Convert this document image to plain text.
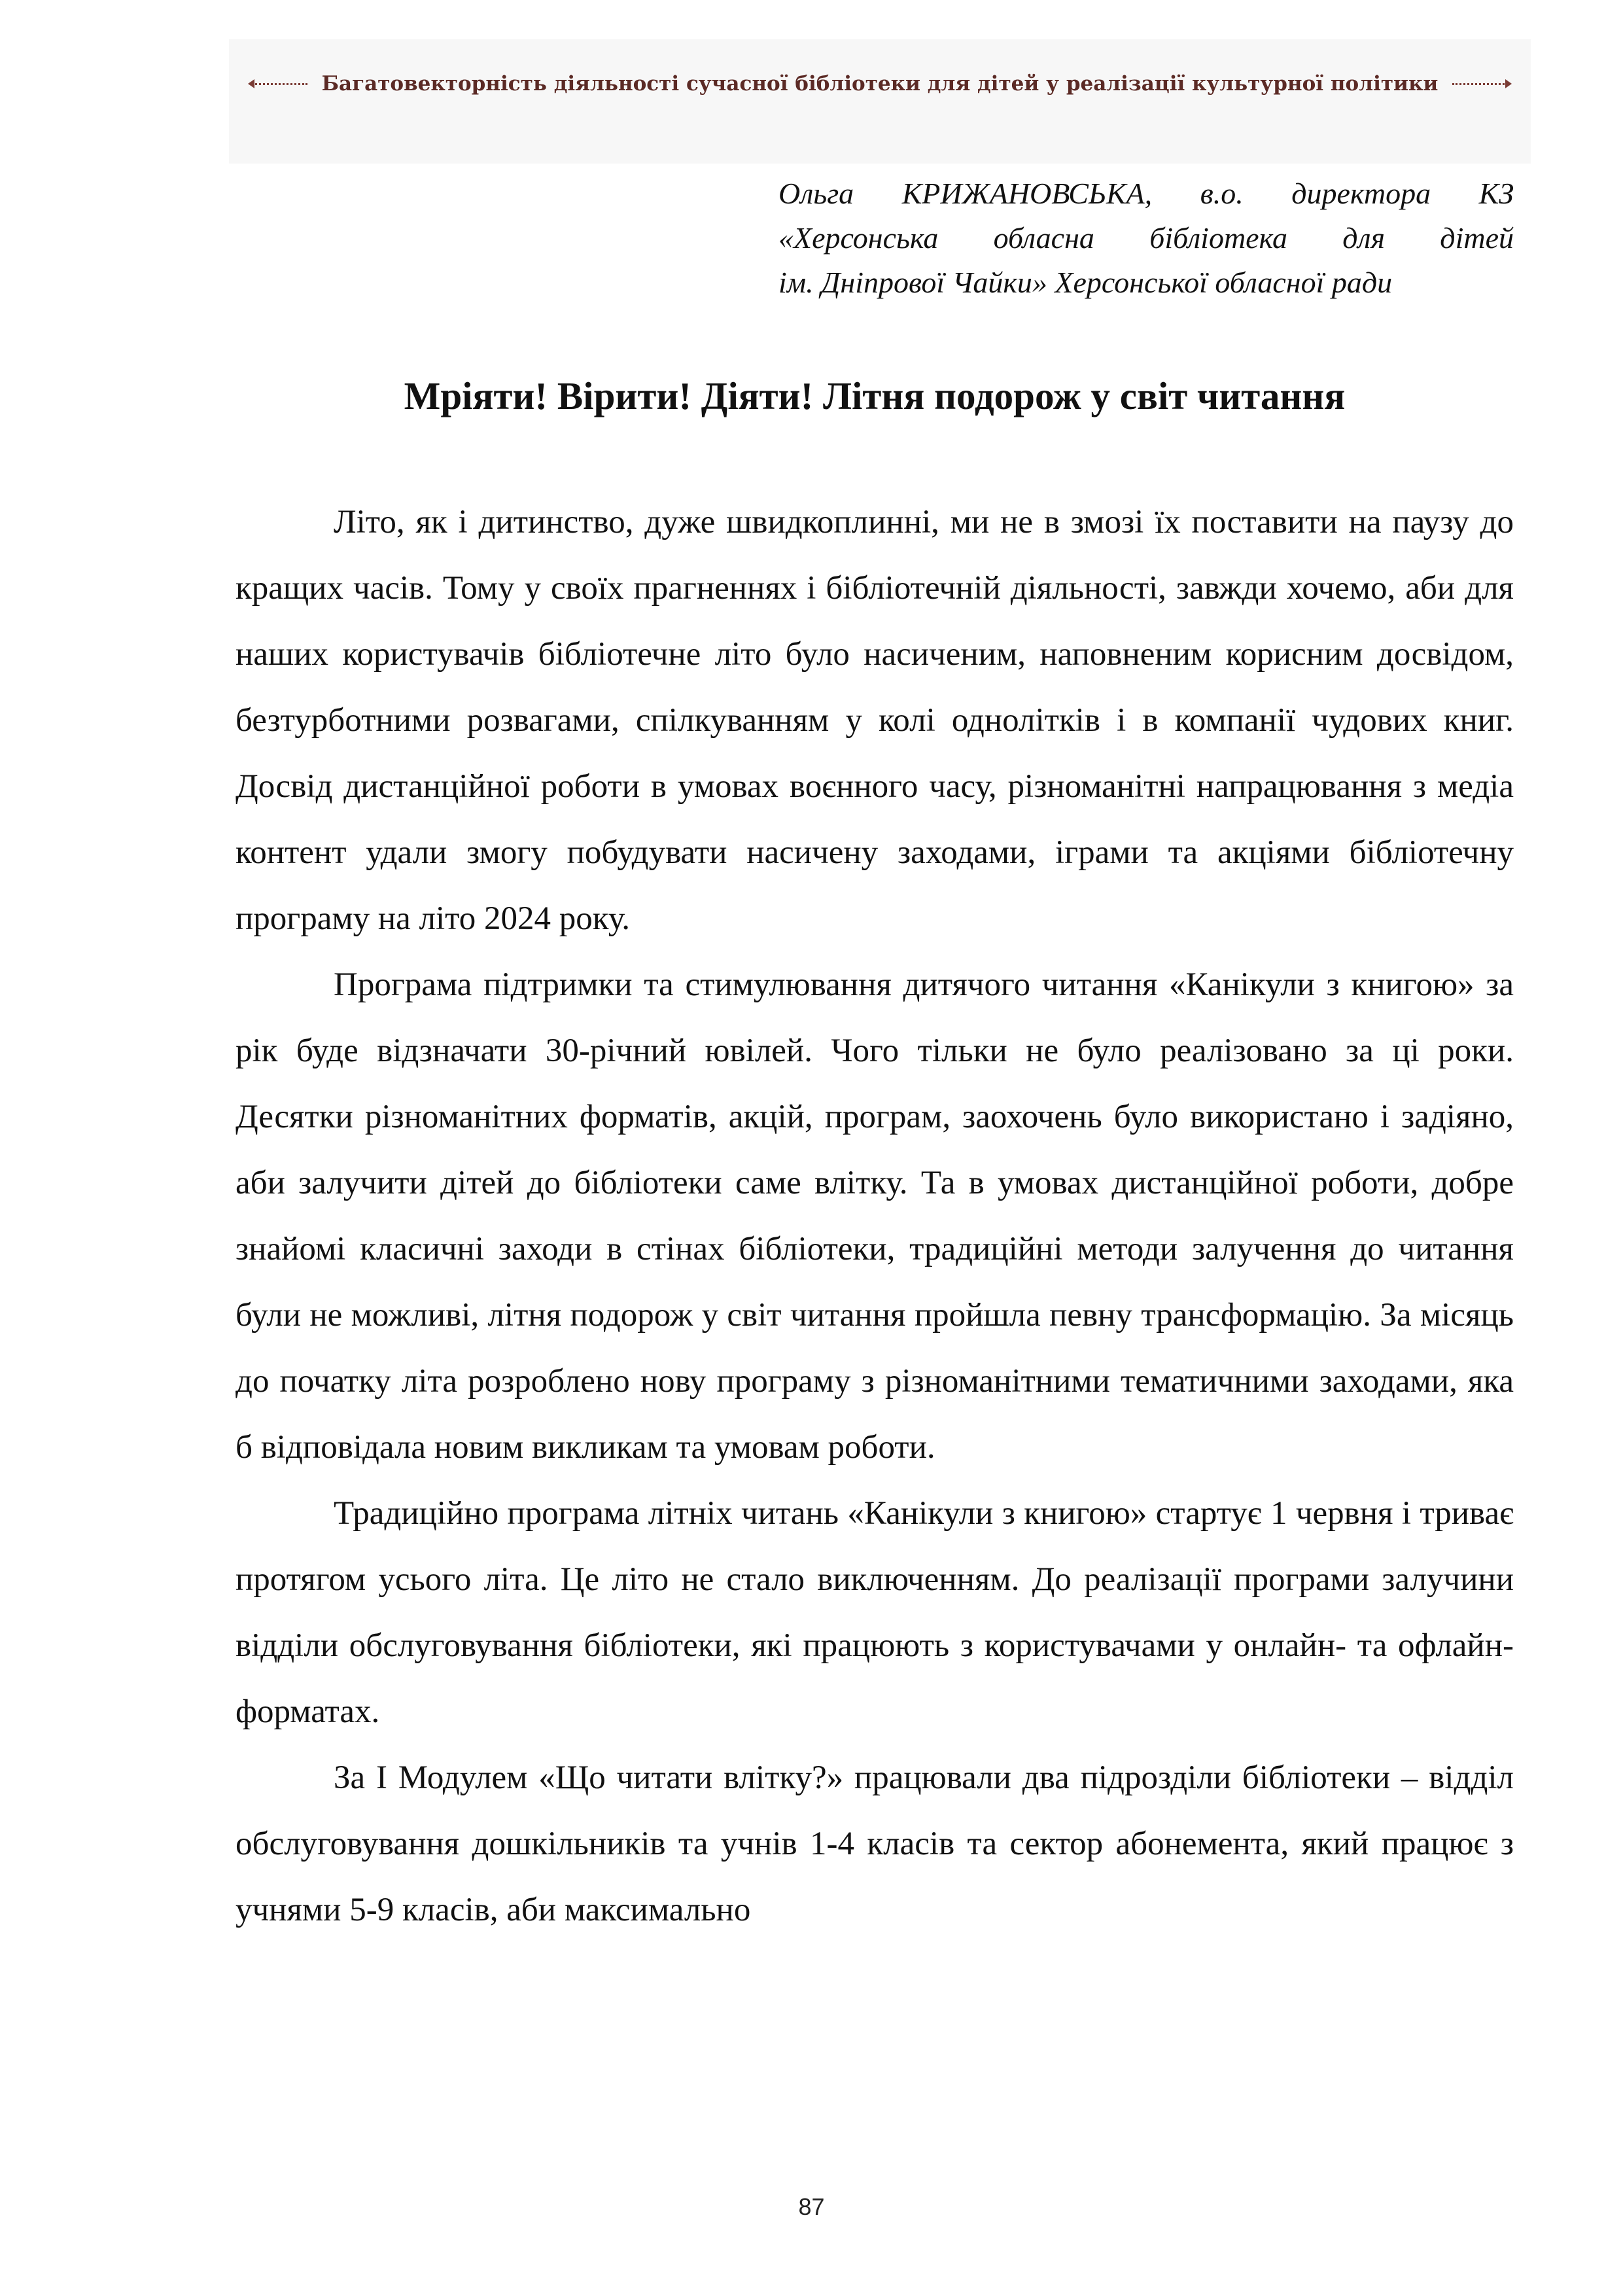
Багатовекторність діяльності сучасної бібліотеки для дітей у реалізації культурної політики
Ольга КРИЖАНОВСЬКА, в.о. директора КЗ
«Херсонська обласна бібліотека для дітей
ім. Дніпрової Чайки» Херсонської обласної ради
Мріяти! Вірити! Діяти! Літня подорож у світ читання

Літо, як і дитинство, дуже швидкоплинні, ми не в змозі їх поставити на паузу до кращих часів. Тому у своїх прагненнях і бібліотечній діяльності, завжди хочемо, аби для наших користувачів бібліотечне літо було насиченим, наповненим корисним досвідом, безтурботними розвагами, спілкуванням у колі однолітків і в компанії чудових книг. Досвід дистанційної роботи в умовах воєнного часу, різноманітні напрацювання з медіа контент удали змогу побудувати насичену заходами, іграми та акціями бібліотечну програму на літо 2024 року.

Програма підтримки та стимулювання дитячого читання «Канікули з книгою» за рік буде відзначати 30-річний ювілей. Чого тільки не було реалізовано за ці роки. Десятки різноманітних форматів, акцій, програм, заохочень було використано і задіяно, аби залучити дітей до бібліотеки саме влітку. Та в умовах дистанційної роботи, добре знайомі класичні заходи в стінах бібліотеки, традиційні методи залучення до читання були не можливі, літня подорож у світ читання пройшла певну трансформацію. За місяць до початку літа розроблено нову програму з різноманітними тематичними заходами, яка б відповідала новим викликам та умовам роботи.

Традиційно програма літніх читань «Канікули з книгою» стартує 1 червня і триває протягом усього літа. Це літо не стало виключенням. До реалізації програми залучини відділи обслуговування бібліотеки, які працюють з користувачами у онлайн- та офлайн-форматах.

За І Модулем «Що читати влітку?» працювали два підрозділи бібліотеки – відділ обслуговування дошкільників та учнів 1-4 класів та сектор абонемента, який працює з учнями 5-9 класів, аби максимально

87
